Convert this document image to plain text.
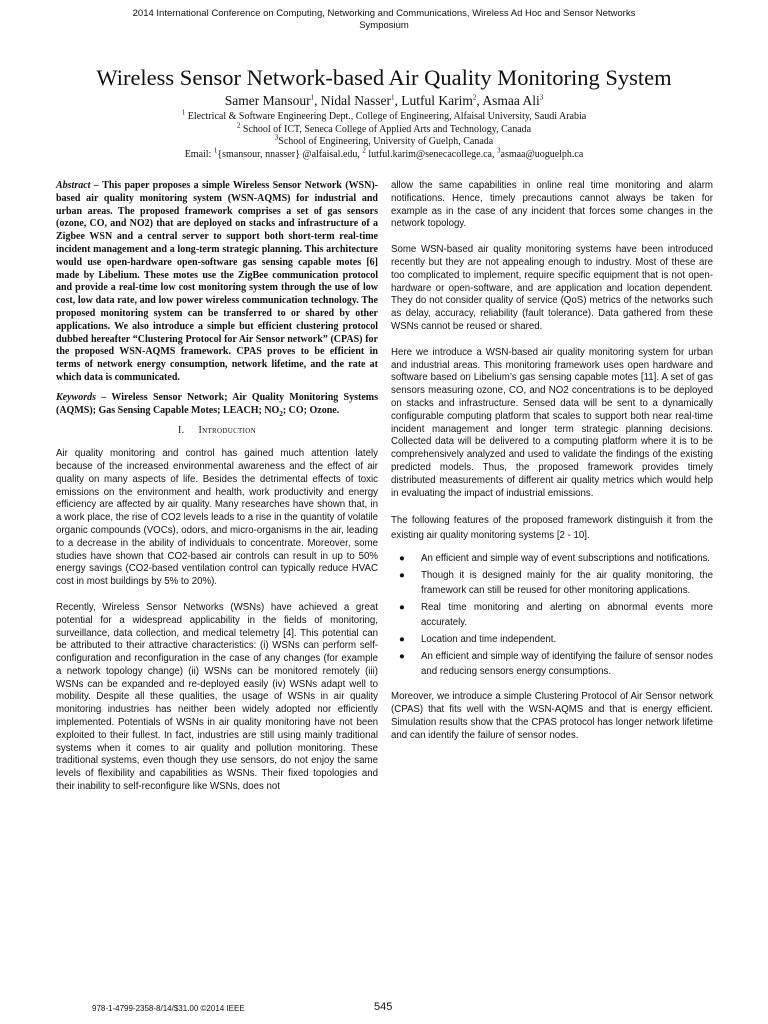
2014 International Conference on Computing, Networking and Communications, Wireless Ad Hoc and Sensor Networks
Symposium
Wireless Sensor Network-based Air Quality Monitoring System
Samer Mansour$^1$, Nidal Nasser$^1$, Lutful Karim$^2$, Asmaa Ali$^3$
$^1$ Electrical & Software Engineering Dept., College of Engineering, Alfaisal University, Saudi Arabia
$^2$ School of ICT, Seneca College of Applied Arts and Technology, Canada
$^3$School of Engineering, University of Guelph, Canada
Email: $^1${smansour, nnasser} @alfaisal.edu, $^2$ lutful.karim@senecacollege.ca, $^3$asmaa@uoguelph.ca

Abstract – This paper proposes a simple Wireless Sensor Network (WSN)-based air quality monitoring system (WSN-AQMS) for industrial and urban areas. The proposed framework comprises a set of gas sensors (ozone, CO, and NO2) that are deployed on stacks and infrastructure of a Zigbee WSN and a central server to support both short-term real-time incident management and a long-term strategic planning. This architecture would use open-hardware open-software gas sensing capable motes [6] made by Libelium. These motes use the ZigBee communication protocol and provide a real-time low cost monitoring system through the use of low cost, low data rate, and low power wireless communication technology. The proposed monitoring system can be transferred to or shared by other applications. We also introduce a simple but efficient clustering protocol dubbed hereafter “Clustering Protocol for Air Sensor network” (CPAS) for the proposed WSN-AQMS framework. CPAS proves to be efficient in terms of network energy consumption, network lifetime, and the rate at which data is communicated.

Keywords – Wireless Sensor Network; Air Quality Monitoring Systems (AQMS); Gas Sensing Capable Motes; LEACH; $NO_2$; CO; Ozone.

I. Introduction

Air quality monitoring and control has gained much attention lately because of the increased environmental awareness and the effect of air quality on many aspects of life. Besides the detrimental effects of toxic emissions on the environment and health, work productivity and energy efficiency are affected by air quality. Many researches have shown that, in a work place, the rise of CO2 levels leads to a rise in the quantity of volatile organic compounds (VOCs), odors, and micro-organisms in the air, leading to a decrease in the ability of individuals to concentrate. Moreover, some studies have shown that CO2-based air controls can result in up to 50% energy savings (CO2-based ventilation control can typically reduce HVAC cost in most buildings by 5% to 20%).

Recently, Wireless Sensor Networks (WSNs) have achieved a great potential for a widespread applicability in the fields of monitoring, surveillance, data collection, and medical telemetry [4]. This potential can be attributed to their attractive characteristics: (i) WSNs can perform self-configuration and reconfiguration in the case of any changes (for example a network topology change) (ii) WSNs can be monitored remotely (iii) WSNs can be expanded and re-deployed easily (iv) WSNs adapt well to mobility. Despite all these qualities, the usage of WSNs in air quality monitoring industries has neither been widely adopted nor efficiently implemented. Potentials of WSNs in air quality monitoring have not been exploited to their fullest. In fact, industries are still using mainly traditional systems when it comes to air quality and pollution monitoring. These traditional systems, even though they use sensors, do not enjoy the same levels of flexibility and capabilities as WSNs. Their fixed topologies and their inability to self-reconfigure like WSNs, does not

allow the same capabilities in online real time monitoring and alarm notifications. Hence, timely precautions cannot always be taken for example as in the case of any incident that forces some changes in the network topology.

Some WSN-based air quality monitoring systems have been introduced recently but they are not appealing enough to industry. Most of these are too complicated to implement, require specific equipment that is not open-hardware or open-software, and are application and location dependent. They do not consider quality of service (QoS) metrics of the networks such as delay, accuracy, reliability (fault tolerance). Data gathered from these WSNs cannot be reused or shared.

Here we introduce a WSN-based air quality monitoring system for urban and industrial areas. This monitoring framework uses open hardware and software based on Libelium’s gas sensing capable motes [11]. A set of gas sensors measuring ozone, CO, and NO2 concentrations is to be deployed on stacks and infrastructure. Sensed data will be sent to a dynamically configurable computing platform that scales to support both near real-time incident management and longer term strategic planning decisions. Collected data will be delivered to a computing platform where it is to be comprehensively analyzed and used to validate the findings of the existing predicted models. Thus, the proposed framework provides timely distributed measurements of different air quality metrics which would help in evaluating the impact of industrial emissions.

The following features of the proposed framework distinguish it from the existing air quality monitoring systems [2 - 10].

● An efficient and simple way of event subscriptions and notifications.
● Though it is designed mainly for the air quality monitoring, the framework can still be reused for other monitoring applications.
● Real time monitoring and alerting on abnormal events more accurately.
● Location and time independent.
● An efficient and simple way of identifying the failure of sensor nodes and reducing sensors energy consumptions.

Moreover, we introduce a simple Clustering Protocol of Air Sensor network (CPAS) that fits well with the WSN-AQMS and that is energy efficient. Simulation results show that the CPAS protocol has longer network lifetime and can identify the failure of sensor nodes.

978-1-4799-2358-8/14/$31.00 ©2014 IEEE	545
